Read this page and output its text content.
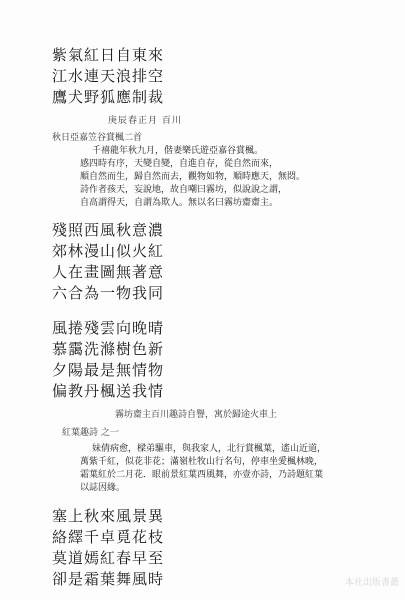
紫氣紅日自東來
江水連天浪排空
鷹犬野狐應制裁
庚辰春正月 百川
秋日亞嘉笠谷賞楓二首
千禧龍年秋九月，偕妻樂氏遊亞嘉谷賞楓。
感四時有序，天變自變，自進自存，從自然而來，
順自然而生，歸自然而去，觀物如物，順時應天，無悶。
詩作者孩天，妄說地，故自嘲曰霧坊，似說說之謂，
自高謂得天，自謂為欺人。無以名曰霧坊齋齋主。
殘照西風秋意濃
郊林漫山似火紅
人在畫圖無著意
六合為一物我同
風捲殘雲向晚晴
慕靄洗滌樹色新
夕陽最是無情物
偏教丹楓送我情
霧坊齋主百川趣詩自譽，寓於歸途火車上
紅葉趣詩 之一
妹倩病愈，樑弟驅車，與我家人，北行賞楓葉，遙山近道，
萬紫千紅，似花非花；滿嶺杜牧山行名句，停車坐愛楓林晚，
霜葉紅於二月花．眼前景紅葉西風舞，亦壹亦詩，乃詩題紅葉
以誌因緣。
塞上秋來風景異
絡繹千卓覓花枝
莫道嫣紅春早至
卻是霜葉舞風時	本社出版書叢
